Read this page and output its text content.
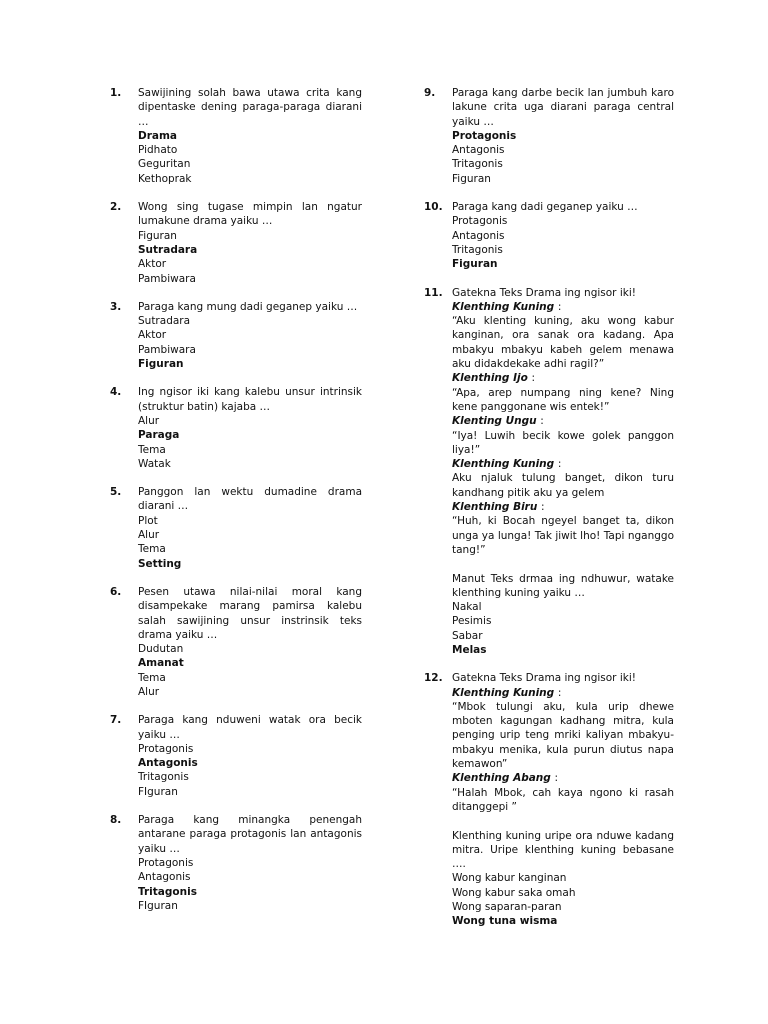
1. Sawijining solah bawa utawa crita kang dipentaske dening paraga-paraga diarani …
Drama
Pidhato
Geguritan
Kethoprak
2. Wong sing tugase mimpin lan ngatur lumakune drama yaiku …
Figuran
Sutradara
Aktor
Pambiwara
3. Paraga kang mung dadi geganep yaiku …
Sutradara
Aktor
Pambiwara
Figuran
4. Ing ngisor iki kang kalebu unsur intrinsik (struktur batin) kajaba …
Alur
Paraga
Tema
Watak
5. Panggon lan wektu dumadine drama diarani …
Plot
Alur
Tema
Setting
6. Pesen utawa nilai-nilai moral kang disampekake marang pamirsa kalebu salah sawijining unsur instrinsik teks drama yaiku …
Dudutan
Amanat
Tema
Alur
7. Paraga kang nduweni watak ora becik yaiku …
Protagonis
Antagonis
Tritagonis
FIguran
8. Paraga kang minangka penengah antarane paraga protagonis lan antagonis yaiku …
Protagonis
Antagonis
Tritagonis
FIguran
9. Paraga kang darbe becik lan jumbuh karo lakune crita uga diarani paraga central yaiku …
Protagonis
Antagonis
Tritagonis
Figuran
10. Paraga kang dadi geganep yaiku …
Protagonis
Antagonis
Tritagonis
Figuran
11. Gatekna Teks Drama ing ngisor iki!
Klenthing Kuning :
“Aku klenting kuning, aku wong kabur kanginan, ora sanak ora kadang. Apa mbakyu mbakyu kabeh gelem menawa aku didakdekake adhi ragil?”
Klenthing Ijo :
“Apa, arep numpang ning kene? Ning kene panggonane wis entek!”
Klenting Ungu :
“Iya! Luwih becik kowe golek panggon liya!”
Klenthing Kuning :
Aku njaluk tulung banget, dikon turu kandhang pitik aku ya gelem
Klenthing Biru :
“Huh, ki Bocah ngeyel banget ta, dikon unga ya lunga! Tak jiwit lho! Tapi nganggo tang!”
Manut Teks drmaa ing ndhuwur, watake klenthing kuning yaiku …
Nakal
Pesimis
Sabar
Melas
12. Gatekna Teks Drama ing ngisor iki!
Klenthing Kuning :
“Mbok tulungi aku, kula urip dhewe mboten kagungan kadhang mitra, kula penging urip teng mriki kaliyan mbakyu-mbakyu menika, kula purun diutus napa kemawon”
Klenthing Abang :
“Halah Mbok, cah kaya ngono ki rasah ditanggepi ”
Klenthing kuning uripe ora nduwe kadang mitra. Uripe klenthing kuning bebasane ….
Wong kabur kanginan
Wong kabur saka omah
Wong saparan-paran
Wong tuna wisma
